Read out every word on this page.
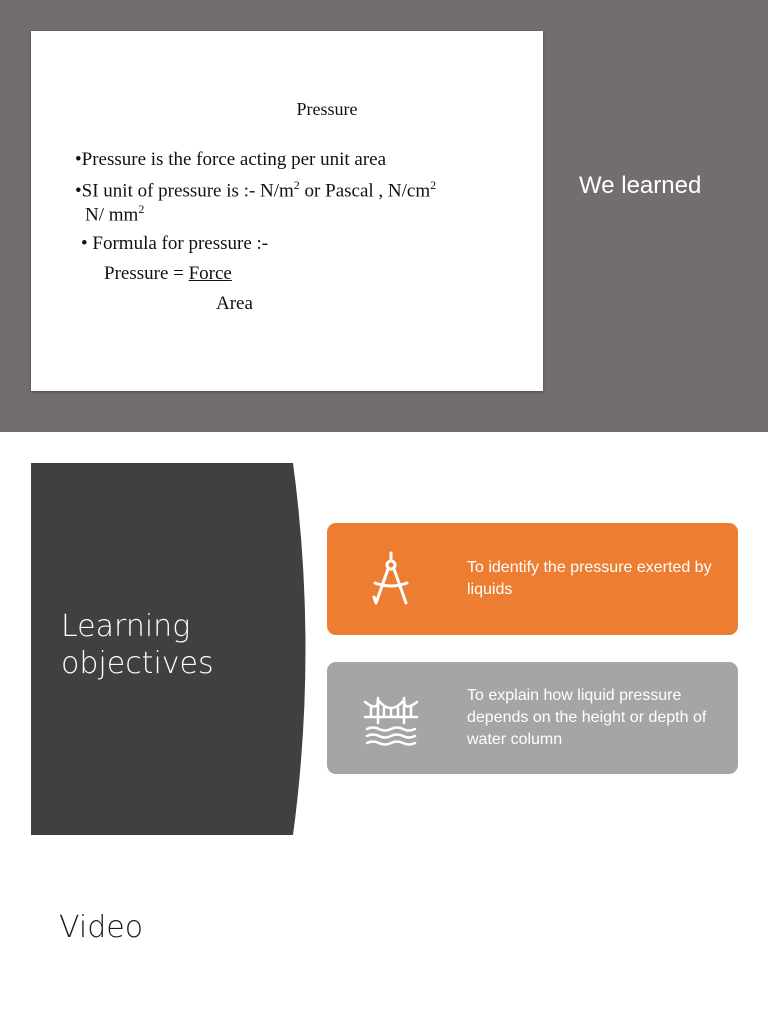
Pressure
•Pressure is the force acting per unit area
•SI unit of pressure is :- $N/m^2$ or Pascal , $N/cm^2$
N/ $mm^2$
• Formula for pressure :-
Pressure = Force
Area
We learned
Learning
objectives
To identify the pressure exerted by liquids
To explain how liquid pressure depends on the height or depth of water column
Video
